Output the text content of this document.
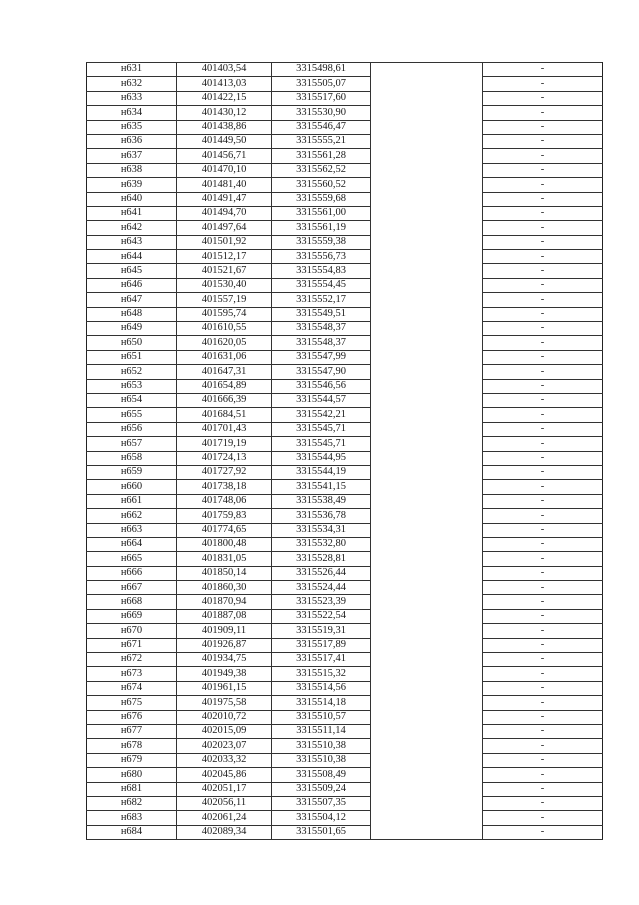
н631	401403,54	3315498,61		-
н632	401413,03	3315505,07		-
н633	401422,15	3315517,60		-
н634	401430,12	3315530,90		-
н635	401438,86	3315546,47		-
н636	401449,50	3315555,21		-
н637	401456,71	3315561,28		-
н638	401470,10	3315562,52		-
н639	401481,40	3315560,52		-
н640	401491,47	3315559,68		-
н641	401494,70	3315561,00		-
н642	401497,64	3315561,19		-
н643	401501,92	3315559,38		-
н644	401512,17	3315556,73		-
н645	401521,67	3315554,83		-
н646	401530,40	3315554,45		-
н647	401557,19	3315552,17		-
н648	401595,74	3315549,51		-
н649	401610,55	3315548,37		-
н650	401620,05	3315548,37		-
н651	401631,06	3315547,99		-
н652	401647,31	3315547,90		-
н653	401654,89	3315546,56		-
н654	401666,39	3315544,57		-
н655	401684,51	3315542,21		-
н656	401701,43	3315545,71		-
н657	401719,19	3315545,71		-
н658	401724,13	3315544,95		-
н659	401727,92	3315544,19		-
н660	401738,18	3315541,15		-
н661	401748,06	3315538,49		-
н662	401759,83	3315536,78		-
н663	401774,65	3315534,31		-
н664	401800,48	3315532,80		-
н665	401831,05	3315528,81		-
н666	401850,14	3315526,44		-
н667	401860,30	3315524,44		-
н668	401870,94	3315523,39		-
н669	401887,08	3315522,54		-
н670	401909,11	3315519,31		-
н671	401926,87	3315517,89		-
н672	401934,75	3315517,41		-
н673	401949,38	3315515,32		-
н674	401961,15	3315514,56		-
н675	401975,58	3315514,18		-
н676	402010,72	3315510,57		-
н677	402015,09	3315511,14		-
н678	402023,07	3315510,38		-
н679	402033,32	3315510,38		-
н680	402045,86	3315508,49		-
н681	402051,17	3315509,24		-
н682	402056,11	3315507,35		-
н683	402061,24	3315504,12		-
н684	402089,34	3315501,65		-
